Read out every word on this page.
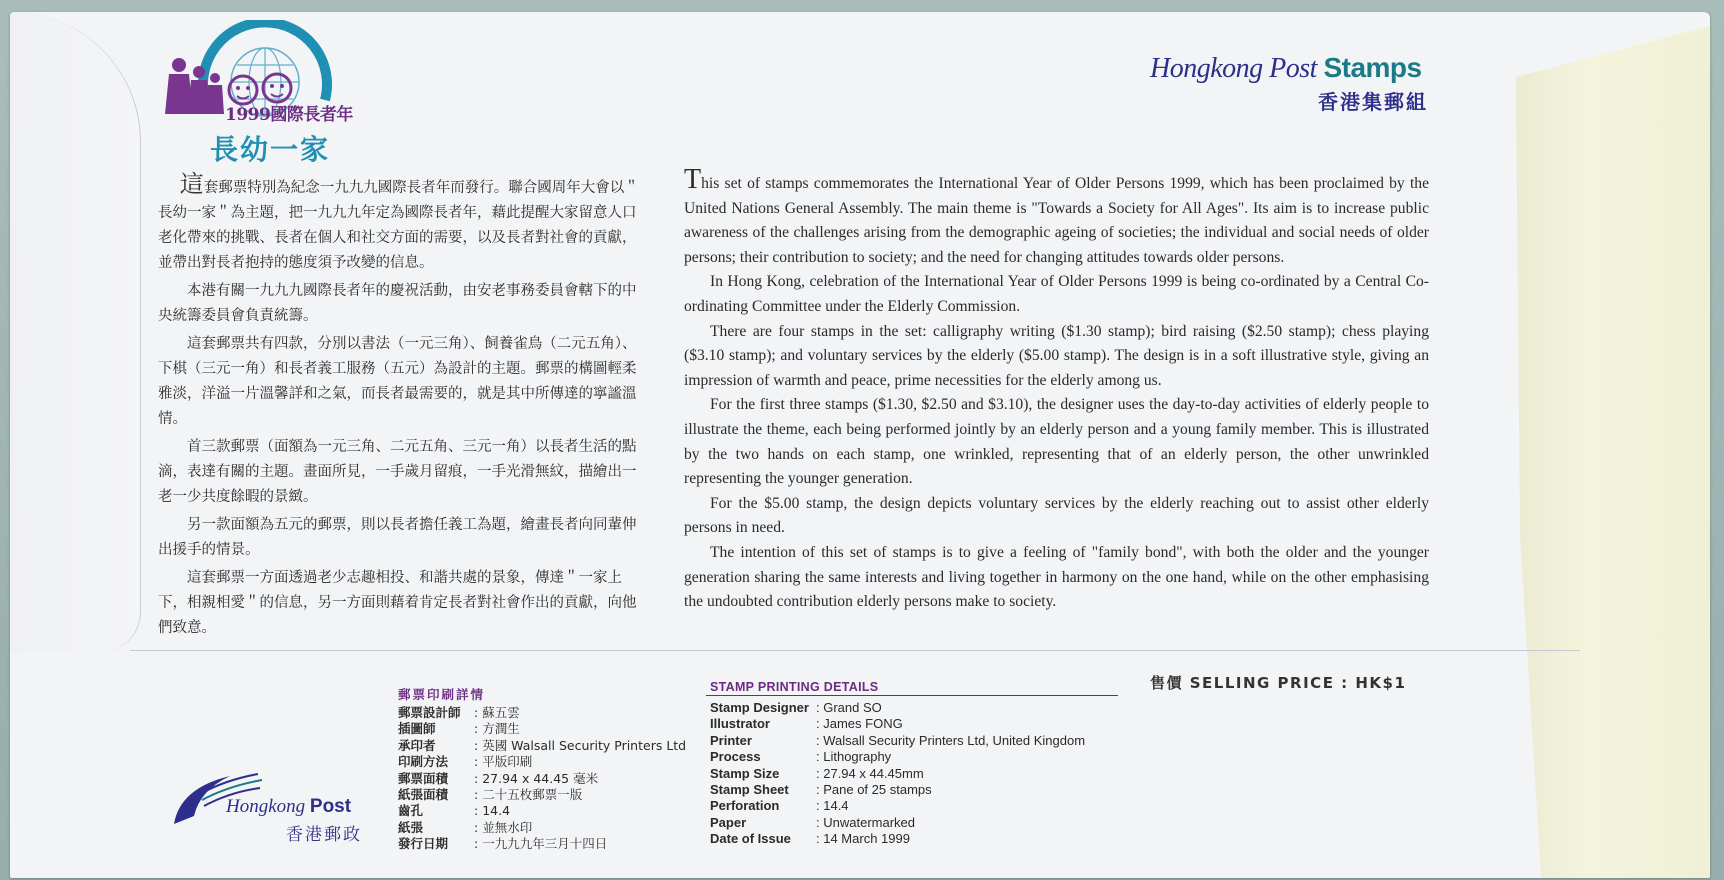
1999國際長者年
長幼一家
Hongkong Post Stamps
香港集郵組

這套郵票特別為紀念一九九九國際長者年而發行。聯合國周年大會以＂長幼一家＂為主題，把一九九九年定為國際長者年，藉此提醒大家留意人口老化帶來的挑戰、長者在個人和社交方面的需要，以及長者對社會的貢獻，並帶出對長者抱持的態度須予改變的信息。

本港有關一九九九國際長者年的慶祝活動，由安老事務委員會轄下的中央統籌委員會負責統籌。

這套郵票共有四款，分別以書法（一元三角）、飼養雀鳥（二元五角）、下棋（三元一角）和長者義工服務（五元）為設計的主題。郵票的構圖輕柔雅淡，洋溢一片溫馨詳和之氣，而長者最需要的，就是其中所傳達的寧謐溫情。

首三款郵票（面額為一元三角、二元五角、三元一角）以長者生活的點滴，表達有關的主題。畫面所見，一手歲月留痕，一手光滑無紋，描繪出一老一少共度餘暇的景緻。

另一款面額為五元的郵票，則以長者擔任義工為題，繪畫長者向同輩伸出援手的情景。

這套郵票一方面透過老少志趣相投、和諧共處的景象，傳達＂一家上下，相親相愛＂的信息，另一方面則藉着肯定長者對社會作出的貢獻，向他們致意。

This set of stamps commemorates the International Year of Older Persons 1999, which has been proclaimed by the United Nations General Assembly. The main theme is "Towards a Society for All Ages". Its aim is to increase public awareness of the challenges arising from the demographic ageing of societies; the individual and social needs of older persons; their contribution to society; and the need for changing attitudes towards older persons.

In Hong Kong, celebration of the International Year of Older Persons 1999 is being co-ordinated by a Central Co-ordinating Committee under the Elderly Commission.

There are four stamps in the set: calligraphy writing ($1.30 stamp); bird raising ($2.50 stamp); chess playing ($3.10 stamp); and voluntary services by the elderly ($5.00 stamp). The design is in a soft illustrative style, giving an impression of warmth and peace, prime necessities for the elderly among us.

For the first three stamps ($1.30, $2.50 and $3.10), the designer uses the day-to-day activities of elderly people to illustrate the theme, each being performed jointly by an elderly person and a young family member. This is illustrated by the two hands on each stamp, one wrinkled, representing that of an elderly person, the other unwrinkled representing the younger generation.

For the $5.00 stamp, the design depicts voluntary services by the elderly reaching out to assist other elderly persons in need.

The intention of this set of stamps is to give a feeling of "family bond", with both the older and the younger generation sharing the same interests and living together in harmony on the one hand, while on the other emphasising the undoubted contribution elderly persons make to society.

郵票印刷詳情	STAMP PRINTING DETAILS
郵票設計師	: 蘇五雲
插圖師	: 方潤生
承印者	: 英國 Walsall Security Printers Ltd
印刷方法	: 平版印刷
郵票面積	: 27.94 x 44.45 毫米
紙張面積	: 二十五枚郵票一版
齒孔	: 14.4
紙張	: 並無水印
發行日期	: 一九九九年三月十四日
Stamp Designer	: Grand SO
Illustrator	: James FONG
Printer	: Walsall Security Printers Ltd, United Kingdom
Process	: Lithography
Stamp Size	: 27.94 x 44.45mm
Stamp Sheet	: Pane of 25 stamps
Perforation	: 14.4
Paper	: Unwatermarked
Date of Issue	: 14 March 1999
售價 SELLING PRICE : HK$1
Hongkong Post
香港郵政
